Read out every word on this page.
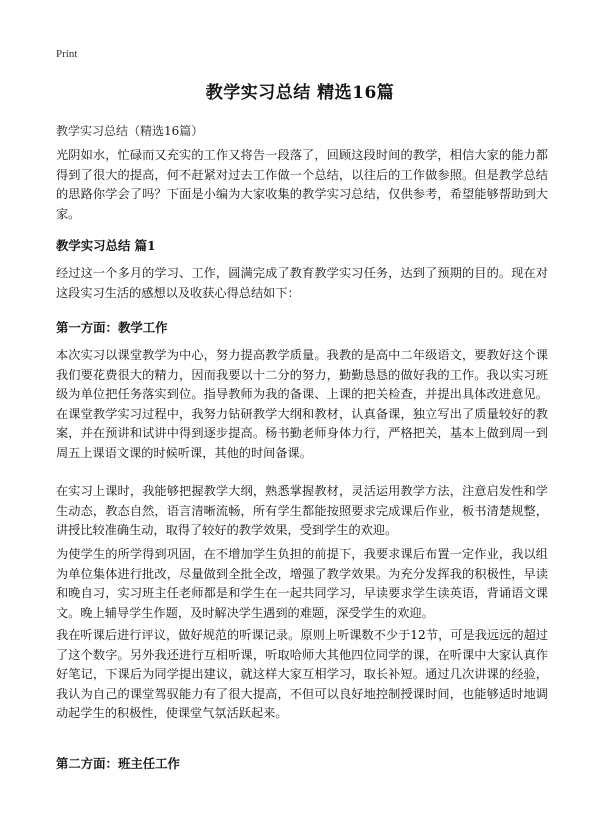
Print
教学实习总结 精选16篇
教学实习总结（精选16篇）
光阴如水，忙碌而又充实的工作又将告一段落了，回顾这段时间的教学，相信大家的能力都得到了很大的提高，何不赶紧对过去工作做一个总结，以往后的工作做参照。但是教学总结的思路你学会了吗？下面是小编为大家收集的教学实习总结，仅供参考，希望能够帮助到大家。
教学实习总结 篇1
经过这一个多月的学习、工作，圆满完成了教育教学实习任务，达到了预期的目的。现在对这段实习生活的感想以及收获心得总结如下：
第一方面：教学工作
本次实习以课堂教学为中心，努力提高教学质量。我教的是高中二年级语文，要教好这个课我们要花费很大的精力，因而我要以十二分的努力，勤勤恳恳的做好我的工作。我以实习班级为单位把任务落实到位。指导教师为我的备课、上课的把关检查，并提出具体改进意见。在课堂教学实习过程中，我努力钻研教学大纲和教材，认真备课，独立写出了质量较好的教案，并在预讲和试讲中得到逐步提高。杨书勤老师身体力行，严格把关，基本上做到周一到周五上课语文课的时候听课，其他的时间备课。
在实习上课时，我能够把握教学大纲，熟悉掌握教材，灵活运用教学方法，注意启发性和学生动态，教态自然，语言清晰流畅，所有学生都能按照要求完成课后作业，板书清楚规整，讲授比较准确生动，取得了较好的教学效果，受到学生的欢迎。
为使学生的所学得到巩固，在不增加学生负担的前提下，我要求课后布置一定作业，我以组为单位集体进行批改，尽量做到全批全改，增强了教学效果。为充分发挥我的积极性，早读和晚自习，实习班主任老师都是和学生在一起共同学习，早读要求学生读英语，背诵语文课文。晚上辅导学生作题，及时解决学生遇到的难题，深受学生的欢迎。
我在听课后进行评议，做好规范的听课记录。原则上听课数不少于12节，可是我远远的超过了这个数字。另外我还进行互相听课，听取哈师大其他四位同学的课，在听课中大家认真作好笔记，下课后为同学提出建议，就这样大家互相学习，取长补短。通过几次讲课的经验，我认为自己的课堂驾驭能力有了很大提高，不但可以良好地控制授课时间，也能够适时地调动起学生的积极性，使课堂气氛活跃起来。
第二方面：班主任工作
